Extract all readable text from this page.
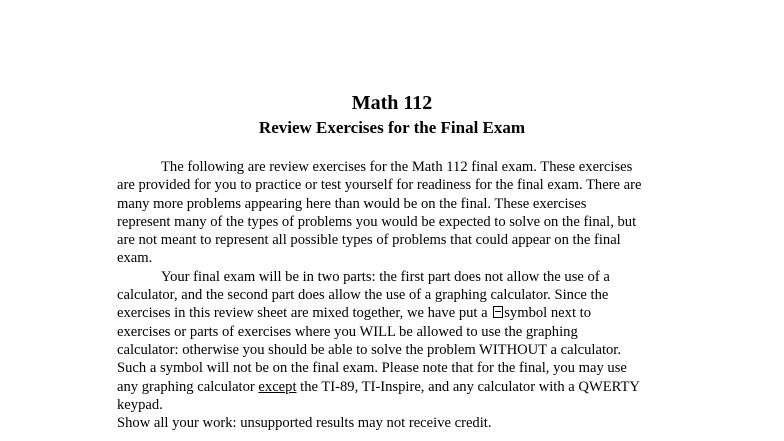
Math 112
Review Exercises for the Final Exam
The following are review exercises for the Math 112 final exam. These exercises
are provided for you to practice or test yourself for readiness for the final exam. There are
many more problems appearing here than would be on the final. These exercises
represent many of the types of problems you would be expected to solve on the final, but
are not meant to represent all possible types of problems that could appear on the final
exam.
Your final exam will be in two parts: the first part does not allow the use of a
calculator, and the second part does allow the use of a graphing calculator. Since the
exercises in this review sheet are mixed together, we have put a symbol next to
exercises or parts of exercises where you WILL be allowed to use the graphing
calculator: otherwise you should be able to solve the problem WITHOUT a calculator.
Such a symbol will not be on the final exam. Please note that for the final, you may use
any graphing calculator except the TI-89, TI-Inspire, and any calculator with a QWERTY
keypad.
Show all your work: unsupported results may not receive credit.
